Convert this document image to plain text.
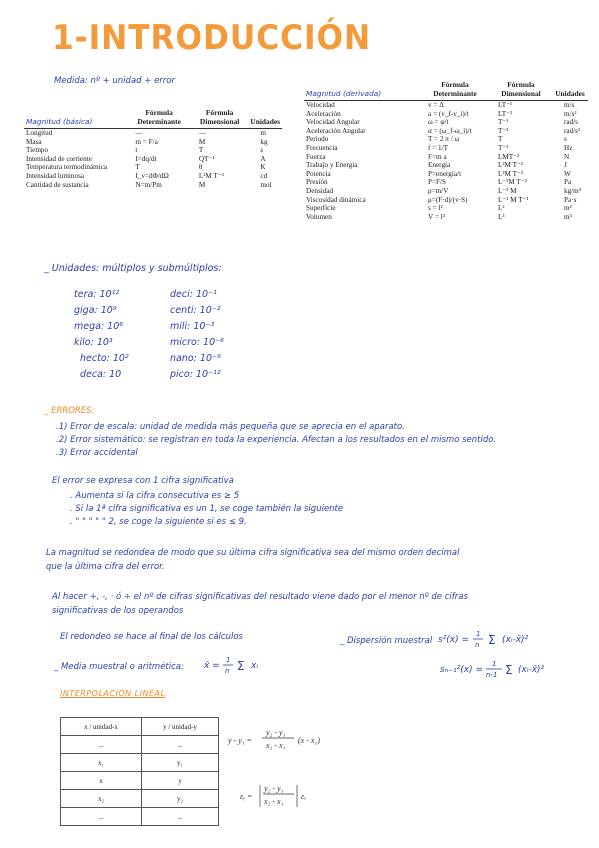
1-INTRODUCCIÓN
Medida: nº + unidad + error
Magnitud (básica)	Fórmula Determinante	Fórmula Dimensional	Unidades
Longitud	—	—	m
Masa	m = F/a	M	kg
Tiempo	t	T	s
Intensidad de corriente	I=dq/dt	QT⁻¹	A
Temperatura termodinámica	T	θ	K
Intensidad luminosa	I_v=dΦ/dΩ	L²M T⁻³	cd
Cantidad de sustancia	N=m/Pm	M	mol
Magnitud (derivada)	Fórmula Determinante	Fórmula Dimensional	Unidades
Velocidad	v = Δ	LT⁻¹	m/s
Aceleración	a = (v_f-v_i)/t	LT⁻²	m/s²
Velocidad Angular	ω = φ/t	T⁻¹	rad/s
Aceleración Angular	α = (ω_f-ω_i)/t	T⁻²	rad/s²
Periodo	T = 2 π / ω	T	s
Frecuencia	f = 1/T	T⁻¹	Hz
Fuerza	F=m a	LMT⁻²	N
Trabajo y Energía	Energía	L²M T⁻²	J
Potencia	P=energía/t	L²M T⁻³	W
Presión	P=F/S	L⁻¹M T⁻²	Pa
Densidad	ρ=m/V	L⁻³ M	kg/m³
Viscosidad dinámica	μ=(F·d)/(v·S)	L⁻¹ M T⁻¹	Pa·s
Superficie	s = l²	L²	m²
Volumen	V = l³	L³	m³
_ Unidades: múltiplos y submúltiplos:
tera: 10¹²
giga: 10⁹
mega: 10⁶
kilo: 10³
hecto: 10²
deca: 10
deci: 10⁻¹
centi: 10⁻²
mili: 10⁻³
micro: 10⁻⁶
nano: 10⁻⁹
pico: 10⁻¹²
_ ERRORES:
.1) Error de escala: unidad de medida más pequeña que se aprecia en el aparato.
.2) Error sistemático: se registran en toda la experiencia. Afectan a los resultados en el mismo sentido.
.3) Error accidental
El error se expresa con 1 cifra significativa
. Aumenta si la cifra consecutiva es ≥ 5
. Si la 1ª cifra significativa es un 1, se coge también la siguiente
. " " " " " 2, se coge la siguiente si es ≤ 9.
La magnitud se redondea de modo que su última cifra significativa sea del mismo orden decimal
que la última cifra del error.
Al hacer +, -, · ó ÷ el nº de cifras significativas del resultado viene dado por el menor nº de cifras
significativas de los operandos
El redondeo se hace al final de los cálculos	_ Dispersión muestral s²(x) =
1
n Σ (xᵢ-x̄)²
sₙ₋₁²(x) =
1
n-1 Σ (xᵢ-x̄)²
_ Media muestral o aritmética: x̄ =
1
n Σ xᵢ
INTERPOLACIÓN LINEAL
x / unidad-x	y / unidad-y
...	...
x₁	y₁
x	y
x₂	y₂
...	...
y - y₁ =
y₂ - y₁
x₂ - x₁
(x - x₁)
εᵧ =
y₂ - y₁
x₂ - x₁
εₓ
